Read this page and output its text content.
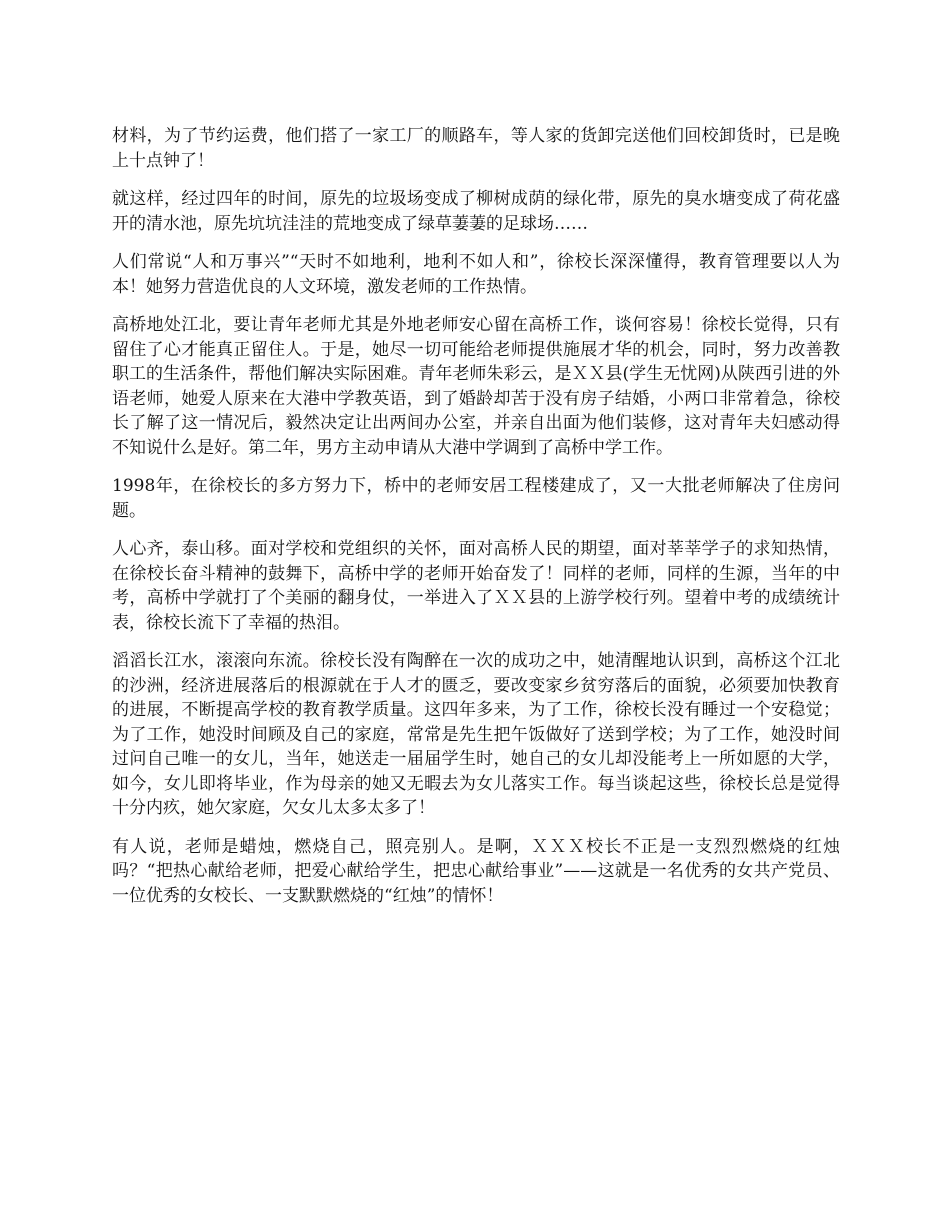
材料，为了节约运费，他们搭了一家工厂的顺路车，等人家的货卸完送他们回校卸货时，已是晚上十点钟了！

就这样，经过四年的时间，原先的垃圾场变成了柳树成荫的绿化带，原先的臭水塘变成了荷花盛开的清水池，原先坑坑洼洼的荒地变成了绿草萋萋的足球场……

人们常说“人和万事兴”“天时不如地利，地利不如人和”，徐校长深深懂得，教育管理要以人为本！她努力营造优良的人文环境，激发老师的工作热情。

高桥地处江北，要让青年老师尤其是外地老师安心留在高桥工作，谈何容易！徐校长觉得，只有留住了心才能真正留住人。于是，她尽一切可能给老师提供施展才华的机会，同时，努力改善教职工的生活条件，帮他们解决实际困难。青年老师朱彩云，是ＸＸ县(学生无忧网)从陕西引进的外语老师，她爱人原来在大港中学教英语，到了婚龄却苦于没有房子结婚，小两口非常着急，徐校长了解了这一情况后，毅然决定让出两间办公室，并亲自出面为他们装修，这对青年夫妇感动得不知说什么是好。第二年，男方主动申请从大港中学调到了高桥中学工作。

1998年，在徐校长的多方努力下，桥中的老师安居工程楼建成了，又一大批老师解决了住房问题。

人心齐，泰山移。面对学校和党组织的关怀，面对高桥人民的期望，面对莘莘学子的求知热情，在徐校长奋斗精神的鼓舞下，高桥中学的老师开始奋发了！同样的老师，同样的生源，当年的中考，高桥中学就打了个美丽的翻身仗，一举进入了ＸＸ县的上游学校行列。望着中考的成绩统计表，徐校长流下了幸福的热泪。

滔滔长江水，滚滚向东流。徐校长没有陶醉在一次的成功之中，她清醒地认识到，高桥这个江北的沙洲，经济进展落后的根源就在于人才的匮乏，要改变家乡贫穷落后的面貌，必须要加快教育的进展，不断提高学校的教育教学质量。这四年多来，为了工作，徐校长没有睡过一个安稳觉；为了工作，她没时间顾及自己的家庭，常常是先生把午饭做好了送到学校；为了工作，她没时间过问自己唯一的女儿，当年，她送走一届届学生时，她自己的女儿却没能考上一所如愿的大学，如今，女儿即将毕业，作为母亲的她又无暇去为女儿落实工作。每当谈起这些，徐校长总是觉得十分内疚，她欠家庭，欠女儿太多太多了！

有人说，老师是蜡烛，燃烧自己，照亮别人。是啊，ＸＸＸ校长不正是一支烈烈燃烧的红烛吗？“把热心献给老师，把爱心献给学生，把忠心献给事业”——这就是一名优秀的女共产党员、一位优秀的女校长、一支默默燃烧的“红烛”的情怀！
